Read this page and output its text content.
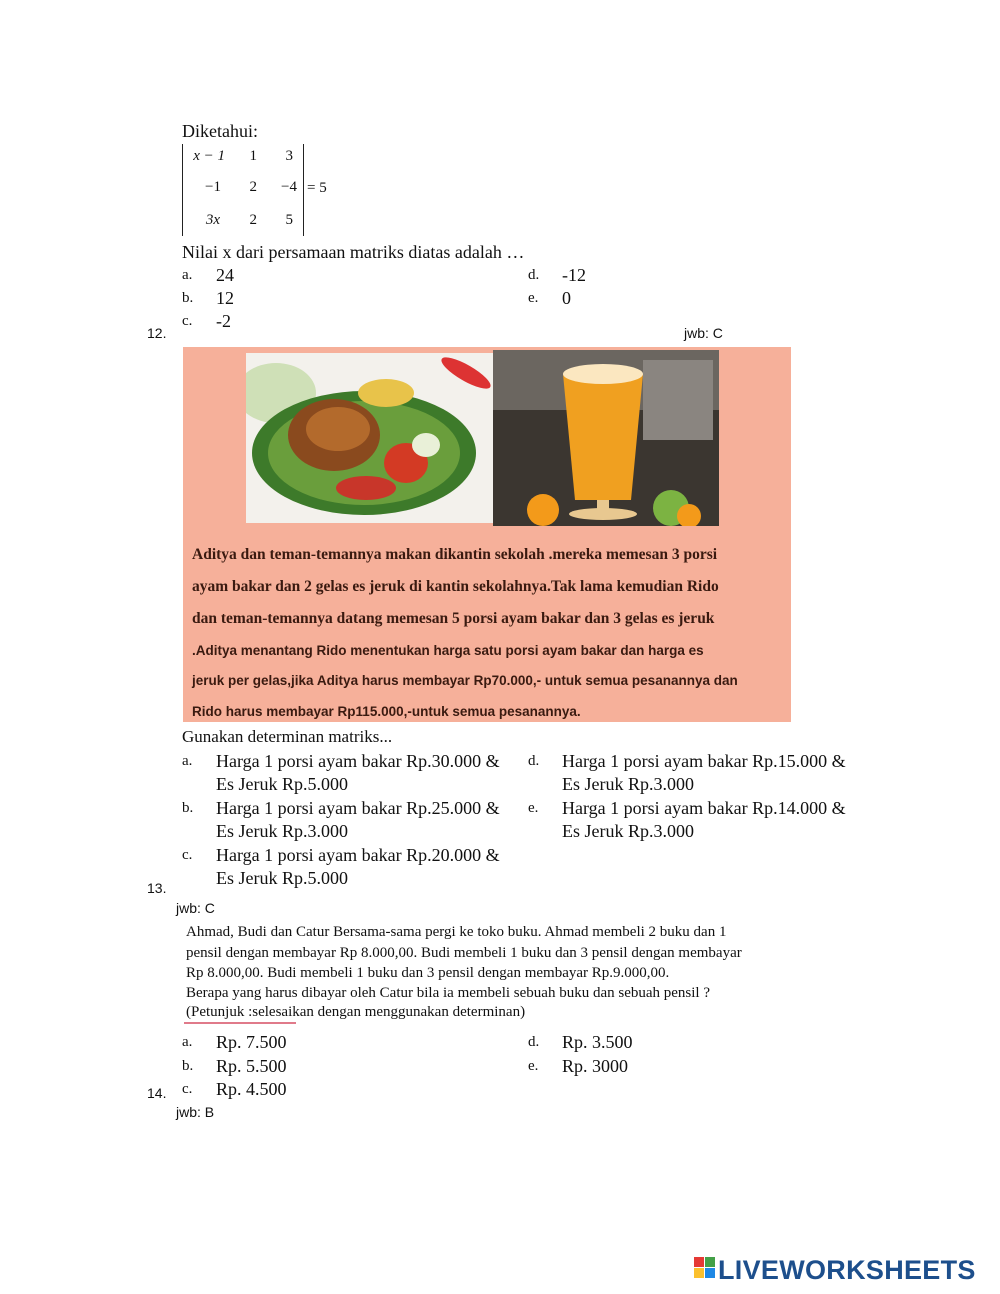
Diketahui:
x − 1	1	3
−1	2	−4
3x	2	5
= 5
Nilai x dari persamaan matriks diatas adalah …
a. 24
b. 12
c. -2
d. -12
e. 0
12.	jwb: C
Aditya dan teman-temannya makan dikantin sekolah .mereka memesan 3 porsi
ayam bakar dan 2 gelas es jeruk di kantin sekolahnya.Tak lama kemudian Rido
dan teman-temannya datang memesan 5 porsi ayam bakar dan 3 gelas es jeruk
.Aditya menantang Rido menentukan harga satu porsi ayam bakar dan harga es
jeruk per gelas,jika Aditya harus membayar Rp70.000,- untuk semua pesanannya dan
Rido harus membayar Rp115.000,-untuk semua pesanannya.
Gunakan determinan matriks...
a. Harga 1 porsi ayam bakar Rp.30.000 & Es Jeruk Rp.5.000
b. Harga 1 porsi ayam bakar Rp.25.000 & Es Jeruk Rp.3.000
c. Harga 1 porsi ayam bakar Rp.20.000 & Es Jeruk Rp.5.000
d. Harga 1 porsi ayam bakar Rp.15.000 & Es Jeruk Rp.3.000
e. Harga 1 porsi ayam bakar Rp.14.000 & Es Jeruk Rp.3.000
13.
jwb: C
Ahmad, Budi dan Catur Bersama-sama pergi ke toko buku. Ahmad membeli 2 buku dan 1
pensil dengan membayar Rp 8.000,00. Budi membeli 1 buku dan 3 pensil dengan membayar
Rp 8.000,00. Budi membeli 1 buku dan 3 pensil dengan membayar Rp.9.000,00.
Berapa yang harus dibayar oleh Catur bila ia membeli sebuah buku dan sebuah pensil ?
(Petunjuk :selesaikan dengan menggunakan determinan)
a. Rp. 7.500
b. Rp. 5.500
c. Rp. 4.500
d. Rp. 3.500
e. Rp. 3000
14.
jwb: B
LIVEWORKSHEETS
